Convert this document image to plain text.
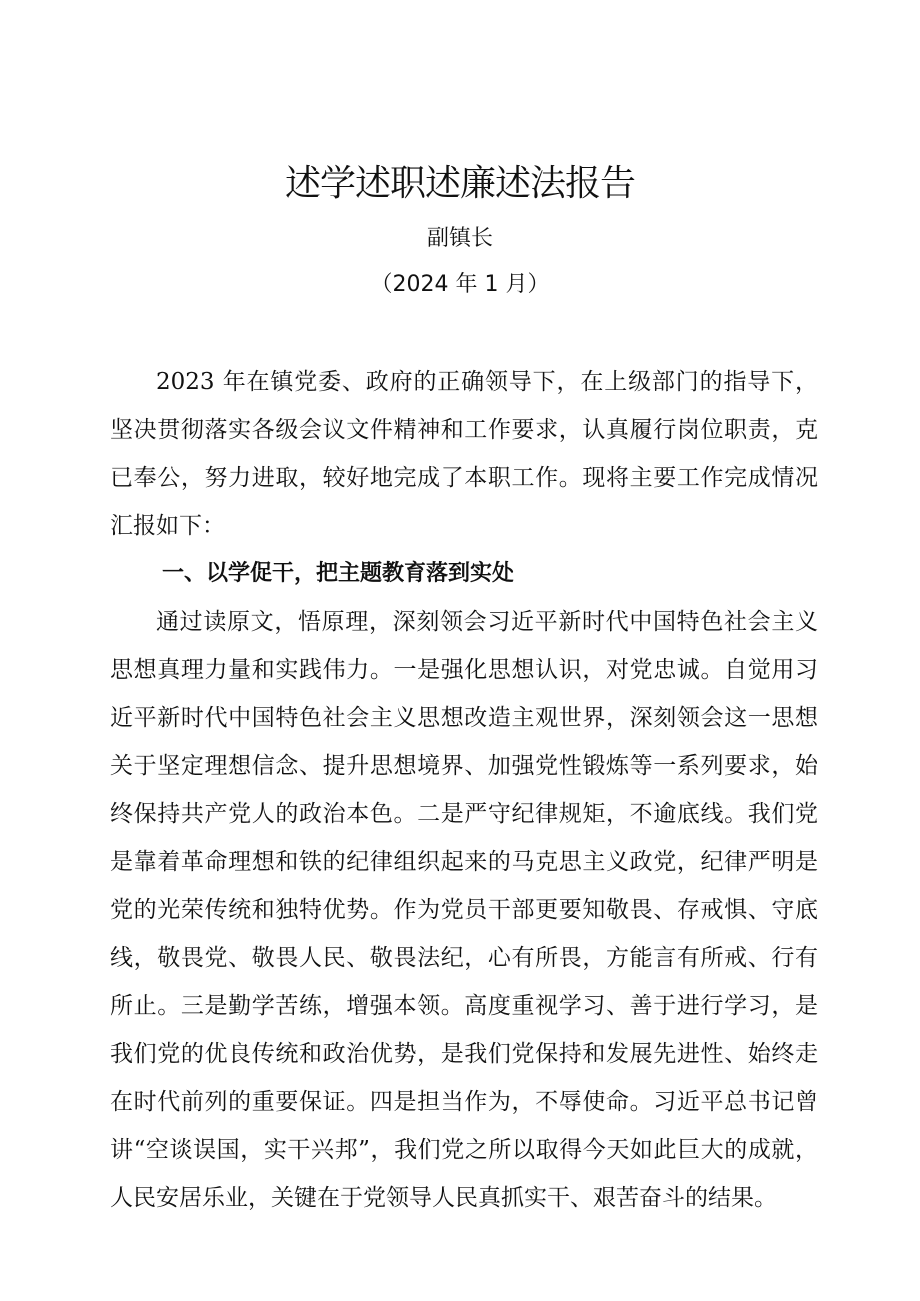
述学述职述廉述法报告
副镇长
（2024 年 1 月）

2023 年在镇党委、政府的正确领导下，在上级部门的指导下，坚决贯彻落实各级会议文件精神和工作要求，认真履行岗位职责，克已奉公，努力进取，较好地完成了本职工作。现将主要工作完成情况汇报如下：

一、以学促干，把主题教育落到实处

通过读原文，悟原理，深刻领会习近平新时代中国特色社会主义思想真理力量和实践伟力。一是强化思想认识，对党忠诚。自觉用习近平新时代中国特色社会主义思想改造主观世界，深刻领会这一思想关于坚定理想信念、提升思想境界、加强党性锻炼等一系列要求，始终保持共产党人的政治本色。二是严守纪律规矩，不逾底线。我们党是靠着革命理想和铁的纪律组织起来的马克思主义政党，纪律严明是党的光荣传统和独特优势。作为党员干部更要知敬畏、存戒惧、守底线，敬畏党、敬畏人民、敬畏法纪，心有所畏，方能言有所戒、行有所止。三是勤学苦练，增强本领。高度重视学习、善于进行学习，是我们党的优良传统和政治优势，是我们党保持和发展先进性、始终走在时代前列的重要保证。四是担当作为，不辱使命。习近平总书记曾讲“空谈误国，实干兴邦”，我们党之所以取得今天如此巨大的成就，人民安居乐业，关键在于党领导人民真抓实干、艰苦奋斗的结果。
